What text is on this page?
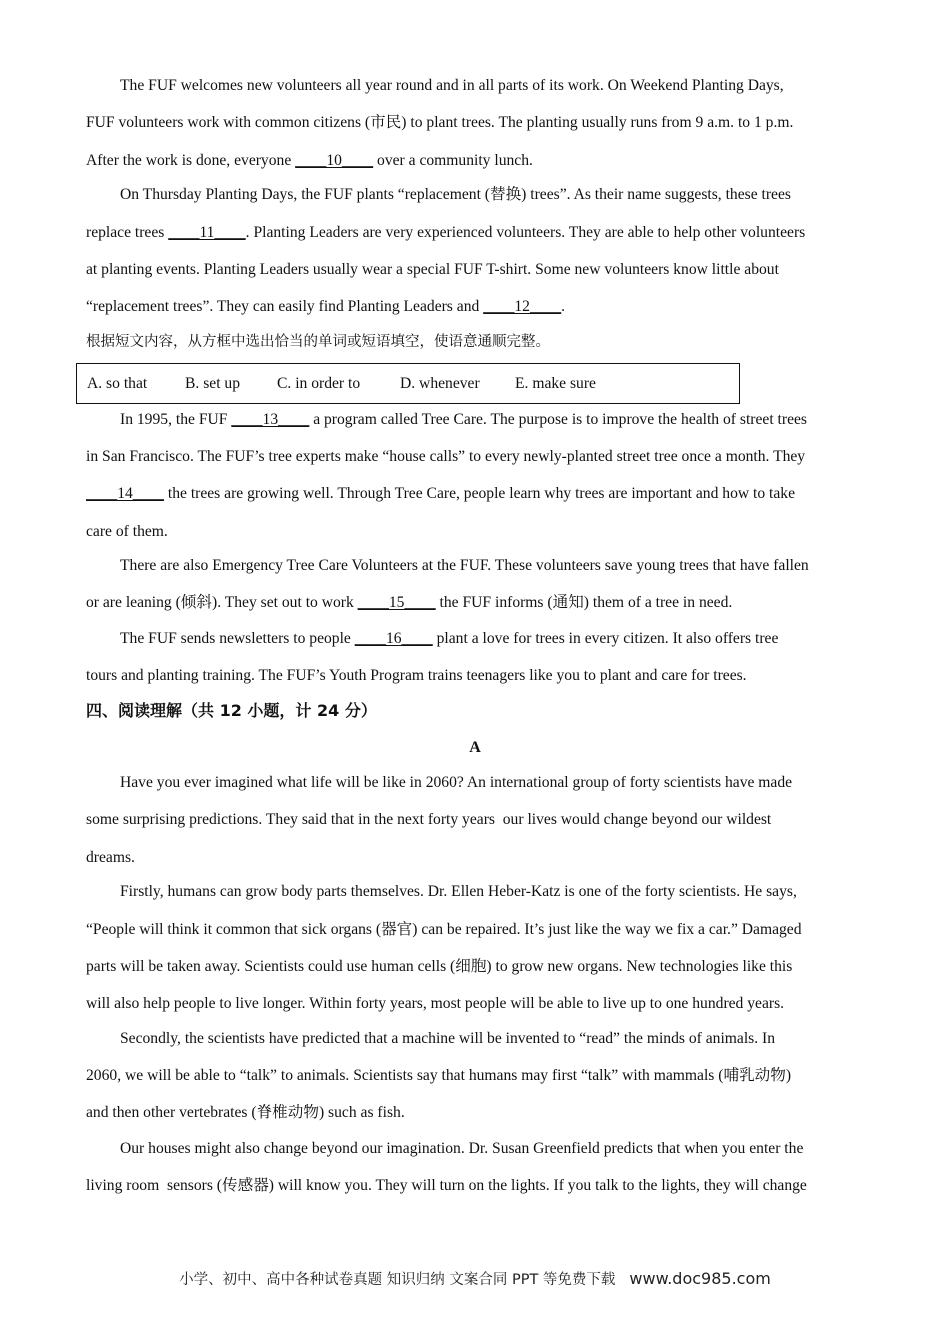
The FUF welcomes new volunteers all year round and in all parts of its work. On Weekend Planting Days,
FUF volunteers work with common citizens (市民) to plant trees. The planting usually runs from 9 a.m. to 1 p.m.
After the work is done, everyone ____10____ over a community lunch.
On Thursday Planting Days, the FUF plants “replacement (替换) trees”. As their name suggests, these trees
replace trees ____11____. Planting Leaders are very experienced volunteers. They are able to help other volunteers
at planting events. Planting Leaders usually wear a special FUF T-shirt. Some new volunteers know little about
“replacement trees”. They can easily find Planting Leaders and ____12____.
根据短文内容，从方框中选出恰当的单词或短语填空，使语意通顺完整。
A. so that B. set up C. in order to	D. whenever E. make sure
In 1995, the FUF ____13____ a program called Tree Care. The purpose is to improve the health of street trees
in San Francisco. The FUF’s tree experts make “house calls” to every newly-planted street tree once a month. They
____14____ the trees are growing well. Through Tree Care, people learn why trees are important and how to take
care of them.
There are also Emergency Tree Care Volunteers at the FUF. These volunteers save young trees that have fallen
or are leaning (倾斜). They set out to work ____15____ the FUF informs (通知) them of a tree in need.
The FUF sends newsletters to people ____16____ plant a love for trees in every citizen. It also offers tree
tours and planting training. The FUF’s Youth Program trains teenagers like you to plant and care for trees.
四、阅读理解（共 12 小题，计 24 分）
A
Have you ever imagined what life will be like in 2060? An international group of forty scientists have made
some surprising predictions. They said that in the next forty years  our lives would change beyond our wildest
dreams.
Firstly, humans can grow body parts themselves. Dr. Ellen Heber-Katz is one of the forty scientists. He says,
“People will think it common that sick organs (器官) can be repaired. It’s just like the way we fix a car.” Damaged
parts will be taken away. Scientists could use human cells (细胞) to grow new organs. New technologies like this
will also help people to live longer. Within forty years, most people will be able to live up to one hundred years.
Secondly, the scientists have predicted that a machine will be invented to “read” the minds of animals. In
2060, we will be able to “talk” to animals. Scientists say that humans may first “talk” with mammals (哺乳动物)
and then other vertebrates (脊椎动物) such as fish.
Our houses might also change beyond our imagination. Dr. Susan Greenfield predicts that when you enter the
living room  sensors (传感器) will know you. They will turn on the lights. If you talk to the lights, they will change
小学、初中、高中各种试卷真题 知识归纳 文案合同 PPT 等免费下载 www.doc985.com
